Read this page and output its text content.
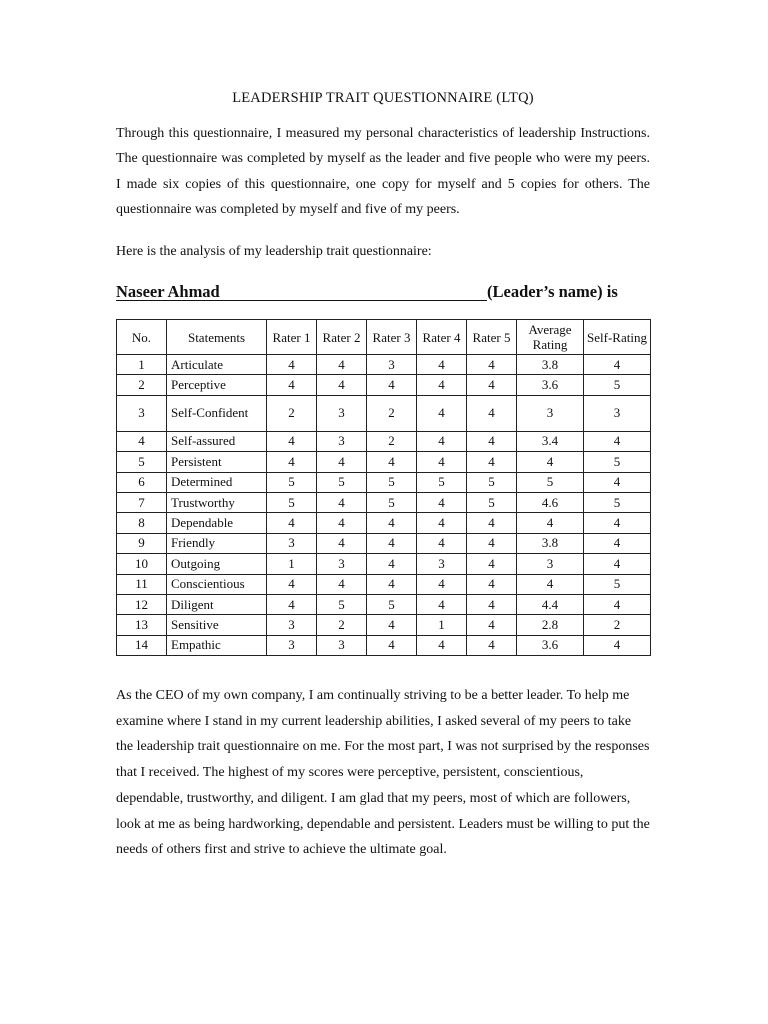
LEADERSHIP TRAIT QUESTIONNAIRE (LTQ)

Through this questionnaire, I measured my personal characteristics of leadership Instructions. The questionnaire was completed by myself as the leader and five people who were my peers. I made six copies of this questionnaire, one copy for myself and 5 copies for others. The questionnaire was completed by myself and five of my peers.

Here is the analysis of my leadership trait questionnaire:

Naseer Ahmad	(Leader’s name) is
No.	Statements	Rater 1	Rater 2	Rater 3	Rater 4	Rater 5	Average Rating	Self-Rating
1	Articulate	4	4	3	4	4	3.8	4
2	Perceptive	4	4	4	4	4	3.6	5
3	Self-Confident	2	3	2	4	4	3	3
4	Self-assured	4	3	2	4	4	3.4	4
5	Persistent	4	4	4	4	4	4	5
6	Determined	5	5	5	5	5	5	4
7	Trustworthy	5	4	5	4	5	4.6	5
8	Dependable	4	4	4	4	4	4	4
9	Friendly	3	4	4	4	4	3.8	4
10	Outgoing	1	3	4	3	4	3	4
11	Conscientious	4	4	4	4	4	4	5
12	Diligent	4	5	5	4	4	4.4	4
13	Sensitive	3	2	4	1	4	2.8	2
14	Empathic	3	3	4	4	4	3.6	4

As the CEO of my own company, I am continually striving to be a better leader. To help me examine where I stand in my current leadership abilities, I asked several of my peers to take the leadership trait questionnaire on me. For the most part, I was not surprised by the responses that I received. The highest of my scores were perceptive, persistent, conscientious, dependable, trustworthy, and diligent. I am glad that my peers, most of which are followers, look at me as being hardworking, dependable and persistent. Leaders must be willing to put the needs of others first and strive to achieve the ultimate goal.
